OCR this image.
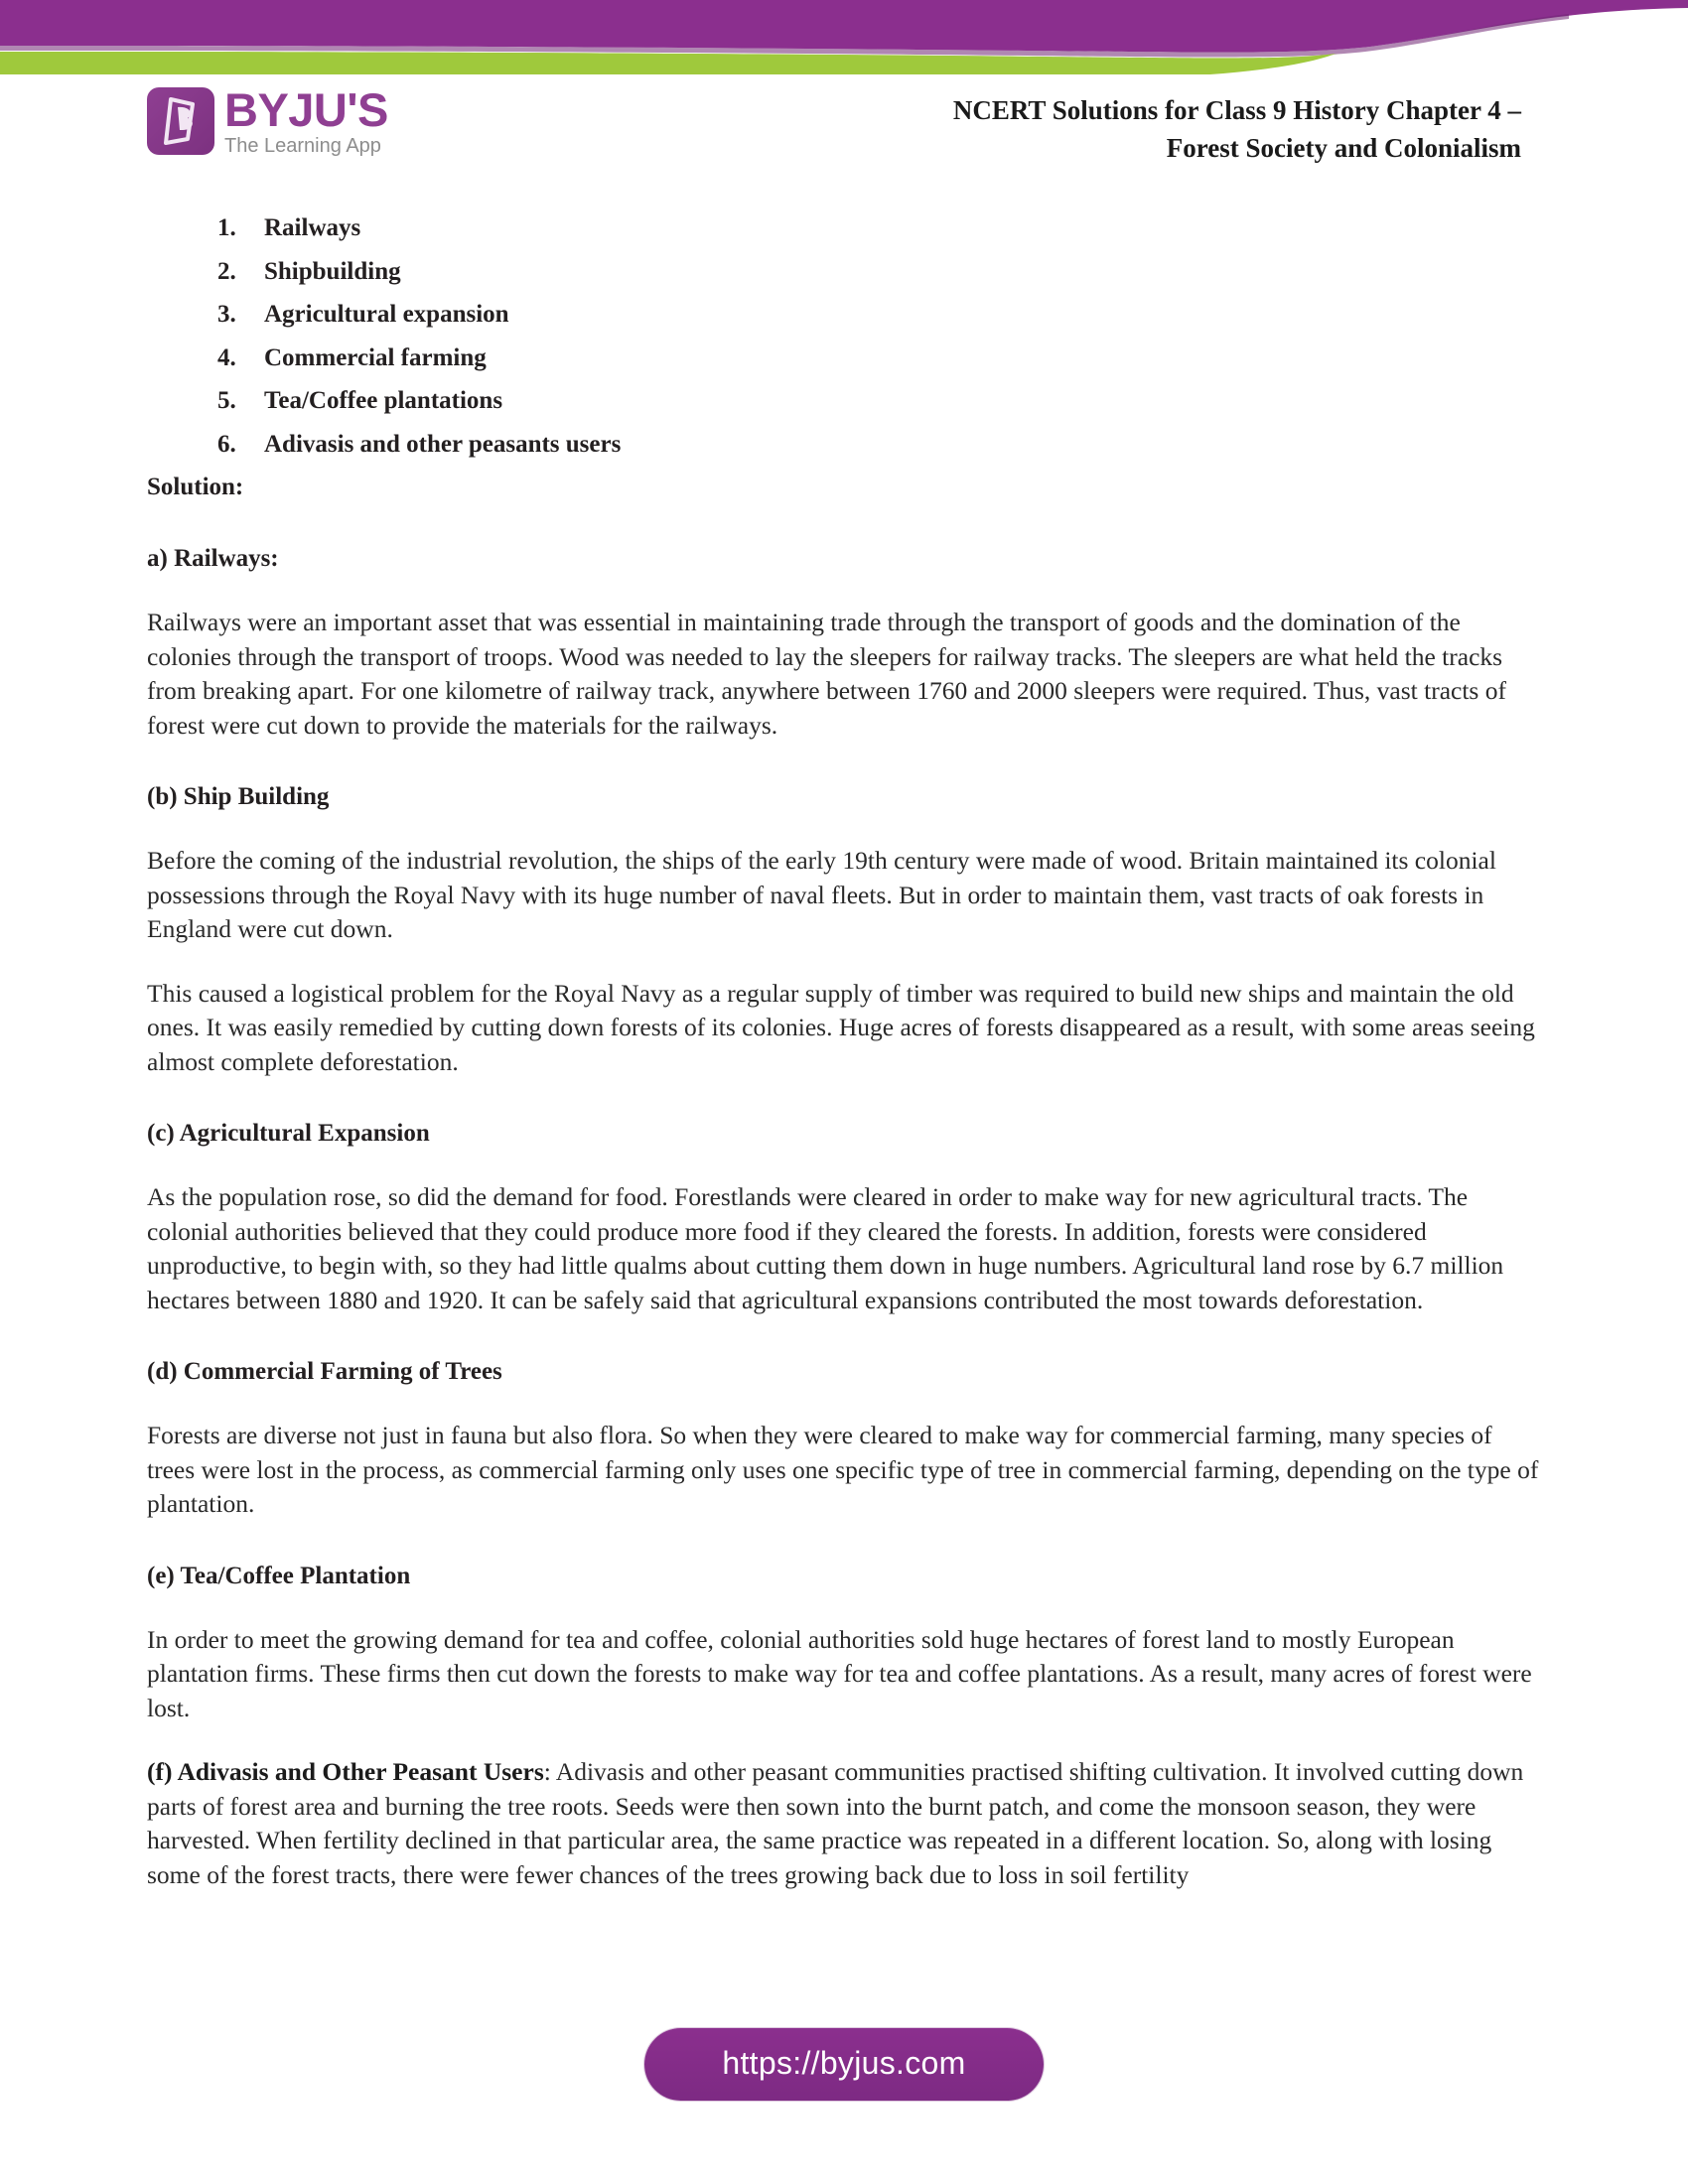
BYJU'S
The Learning App
NCERT Solutions for Class 9 History Chapter 4 –
Forest Society and Colonialism
1. Railways
2. Shipbuilding
3. Agricultural expansion
4. Commercial farming
5. Tea/Coffee plantations
6. Adivasis and other peasants users
Solution:
a) Railways:

Railways were an important asset that was essential in maintaining trade through the transport of goods and the domination of the colonies through the transport of troops. Wood was needed to lay the sleepers for railway tracks. The sleepers are what held the tracks from breaking apart. For one kilometre of railway track, anywhere between 1760 and 2000 sleepers were required. Thus, vast tracts of forest were cut down to provide the materials for the railways.

(b) Ship Building

Before the coming of the industrial revolution, the ships of the early 19th century were made of wood. Britain maintained its colonial possessions through the Royal Navy with its huge number of naval fleets. But in order to maintain them, vast tracts of oak forests in England were cut down.

This caused a logistical problem for the Royal Navy as a regular supply of timber was required to build new ships and maintain the old ones. It was easily remedied by cutting down forests of its colonies. Huge acres of forests disappeared as a result, with some areas seeing almost complete deforestation.

(c) Agricultural Expansion

As the population rose, so did the demand for food. Forestlands were cleared in order to make way for new agricultural tracts. The colonial authorities believed that they could produce more food if they cleared the forests. In addition, forests were considered unproductive, to begin with, so they had little qualms about cutting them down in huge numbers. Agricultural land rose by 6.7 million hectares between 1880 and 1920. It can be safely said that agricultural expansions contributed the most towards deforestation.

(d) Commercial Farming of Trees

Forests are diverse not just in fauna but also flora. So when they were cleared to make way for commercial farming, many species of trees were lost in the process, as commercial farming only uses one specific type of tree in commercial farming, depending on the type of plantation.

(e) Tea/Coffee Plantation

In order to meet the growing demand for tea and coffee, colonial authorities sold huge hectares of forest land to mostly European plantation firms. These firms then cut down the forests to make way for tea and coffee plantations. As a result, many acres of forest were lost.

(f) Adivasis and Other Peasant Users: Adivasis and other peasant communities practised shifting cultivation. It involved cutting down parts of forest area and burning the tree roots. Seeds were then sown into the burnt patch, and come the monsoon season, they were harvested. When fertility declined in that particular area, the same practice was repeated in a different location. So, along with losing some of the forest tracts, there were fewer chances of the trees growing back due to loss in soil fertility

https://byjus.com
